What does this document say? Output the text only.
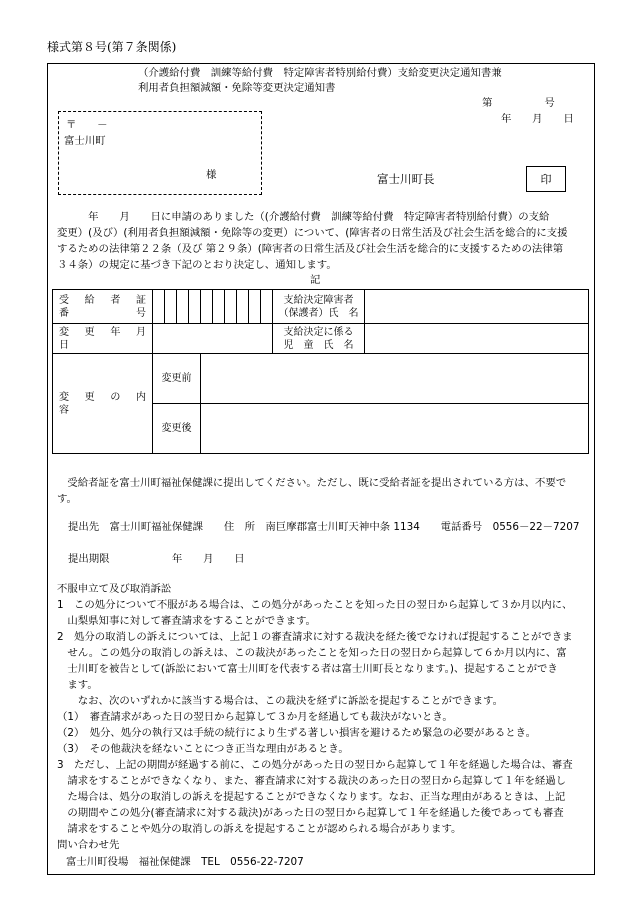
様式第８号(第７条関係)
（介護給付費　訓練等給付費　特定障害者特別給付費）支給変更決定通知書兼
利用者負担額減額・免除等変更決定通知書
第　　　　　号
年　　月　　日
〒　　－
富士川町
様	富士川町長	印
　　　年　　月　　日に申請のありました（(介護給付費　訓練等給付費　特定障害者特別給付費）の支給
変更）(及び）(利用者負担額減額・免除等の変更）について、(障害者の日常生活及び社会生活を総合的に支援
するための法律第２２条（及び 第２９条）(障害者の日常生活及び社会生活を総合的に支援するための法律第
３４条）の規定に基づき下記のとおり決定し、通知します。
記
受　給　者　証　番　　　　　号											支給決定障害者
（保護者）氏　名	

変　更　年　月　日											支給決定に係る
児　童　氏　名	

変　更　の　内　容	変更前											
	変更後											
　受給者証を富士川町福祉保健課に提出してください。ただし、既に受給者証を提出されている方は、不要で
す。
提出先　富士川町福祉保健課　　住　所　南巨摩郡富士川町天神中条 1134　　電話番号　0556－22－7207
提出期限　　　　　　年　　月　　日
不服申立て及び取消訴訟
1　この処分について不服がある場合は、この処分があったことを知った日の翌日から起算して３か月以内に、
　山梨県知事に対して審査請求をすることができます。
2　処分の取消しの訴えについては、上記１の審査請求に対する裁決を経た後でなければ提起することができま
　せん。この処分の取消しの訴えは、この裁決があったことを知った日の翌日から起算して６か月以内に、富
　士川町を被告として(訴訟において富士川町を代表する者は富士川町長となります。)、提起することができ
　ます。
　　なお、次のいずれかに該当する場合は、この裁決を経ずに訴訟を提起することができます。
（1）　審査請求があった日の翌日から起算して３か月を経過しても裁決がないとき。
（2）　処分、処分の執行又は手続の続行により生ずる著しい損害を避けるため緊急の必要があるとき。
（3）　その他裁決を経ないことにつき正当な理由があるとき。
3　ただし、上記の期間が経過する前に、この処分があった日の翌日から起算して１年を経過した場合は、審査
　請求をすることができなくなり、また、審査請求に対する裁決のあった日の翌日から起算して１年を経過し
　た場合は、処分の取消しの訴えを提起することができなくなります。なお、正当な理由があるときは、上記
　の期間やこの処分(審査請求に対する裁決)があった日の翌日から起算して１年を経過した後であっても審査
　請求をすることや処分の取消しの訴えを提起することが認められる場合があります。
問い合わせ先
富士川町役場　福祉保健課　TEL　0556-22-7207
